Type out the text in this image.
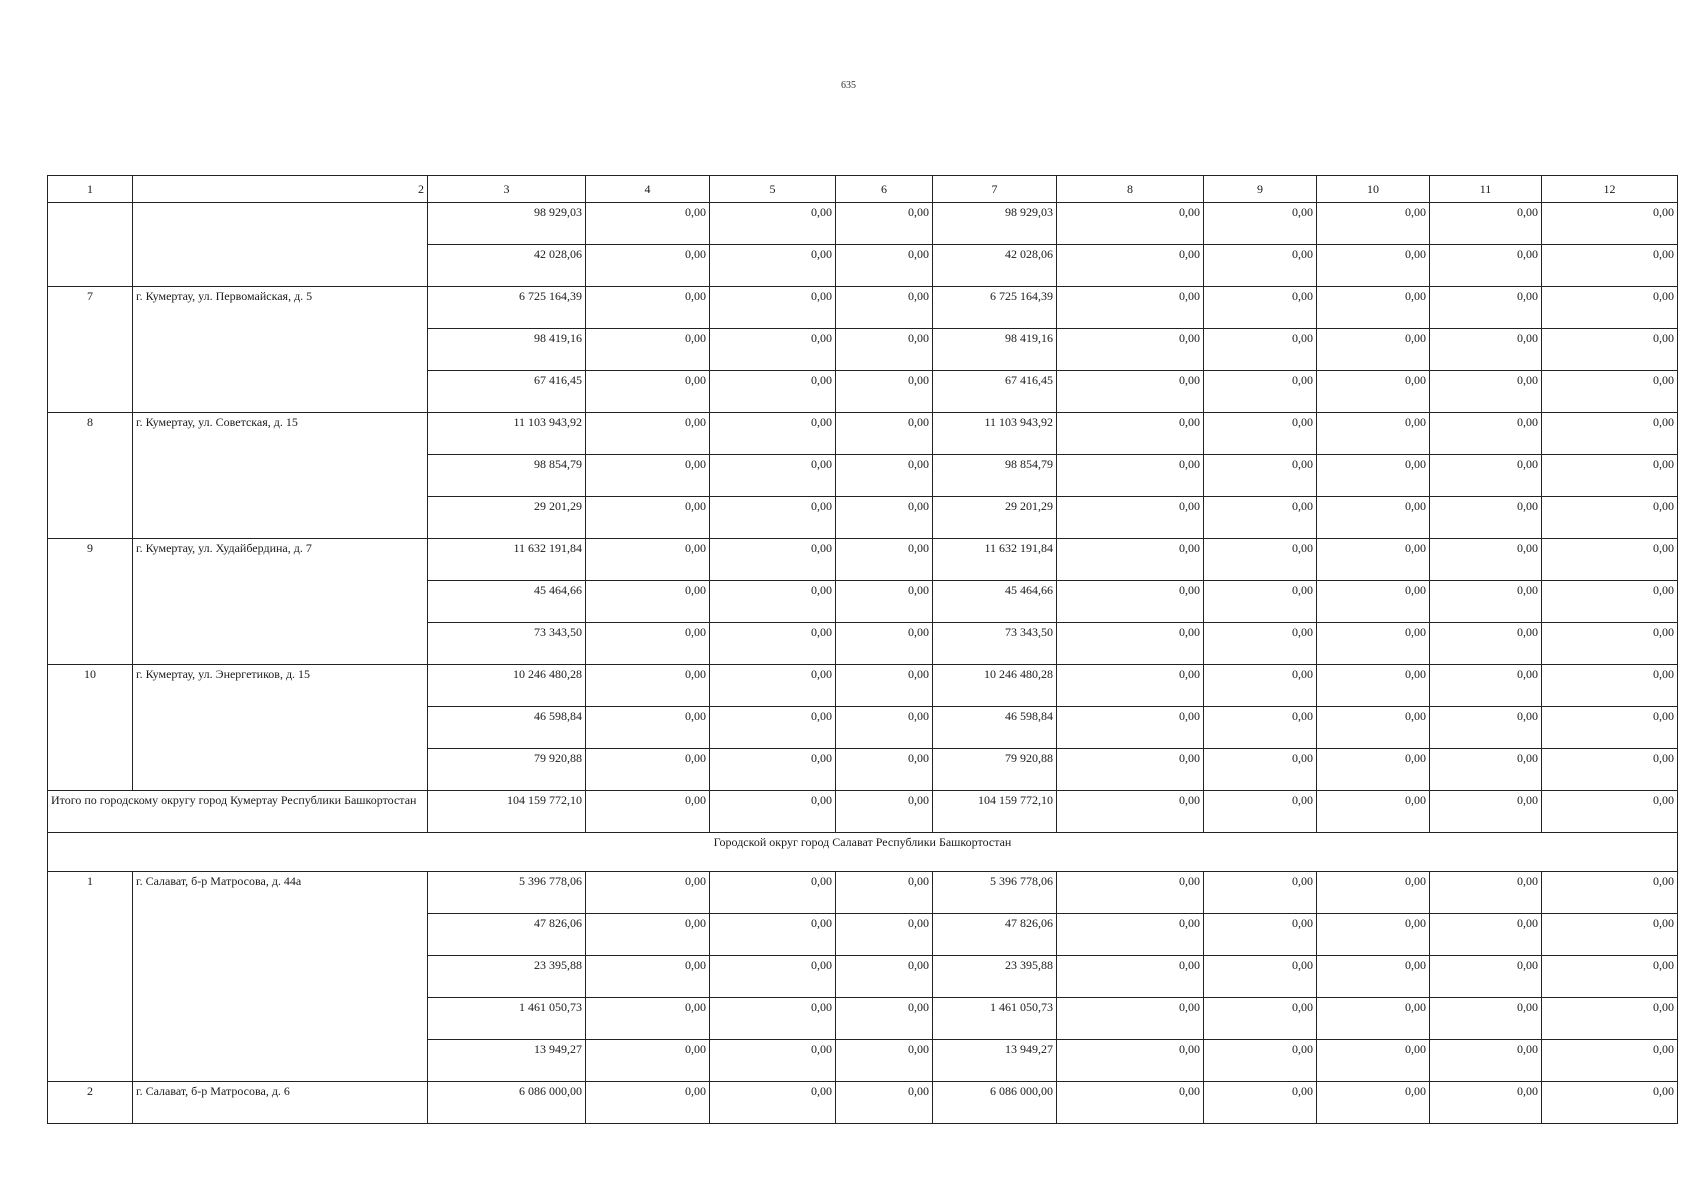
635
1	2	3	4	5	6	7	8	9	10	11	12
		98 929,03	0,00	0,00	0,00	98 929,03	0,00	0,00	0,00	0,00	0,00
		42 028,06	0,00	0,00	0,00	42 028,06	0,00	0,00	0,00	0,00	0,00
7	г. Кумертау, ул. Первомайская, д. 5	6 725 164,39	0,00	0,00	0,00	6 725 164,39	0,00	0,00	0,00	0,00	0,00
		98 419,16	0,00	0,00	0,00	98 419,16	0,00	0,00	0,00	0,00	0,00
		67 416,45	0,00	0,00	0,00	67 416,45	0,00	0,00	0,00	0,00	0,00
8	г. Кумертау, ул. Советская, д. 15	11 103 943,92	0,00	0,00	0,00	11 103 943,92	0,00	0,00	0,00	0,00	0,00
		98 854,79	0,00	0,00	0,00	98 854,79	0,00	0,00	0,00	0,00	0,00
		29 201,29	0,00	0,00	0,00	29 201,29	0,00	0,00	0,00	0,00	0,00
9	г. Кумертау, ул. Худайбердина, д. 7	11 632 191,84	0,00	0,00	0,00	11 632 191,84	0,00	0,00	0,00	0,00	0,00
		45 464,66	0,00	0,00	0,00	45 464,66	0,00	0,00	0,00	0,00	0,00
		73 343,50	0,00	0,00	0,00	73 343,50	0,00	0,00	0,00	0,00	0,00
10	г. Кумертау, ул. Энергетиков, д. 15	10 246 480,28	0,00	0,00	0,00	10 246 480,28	0,00	0,00	0,00	0,00	0,00
		46 598,84	0,00	0,00	0,00	46 598,84	0,00	0,00	0,00	0,00	0,00
		79 920,88	0,00	0,00	0,00	79 920,88	0,00	0,00	0,00	0,00	0,00
Итого по городскому округу город Кумертау Республики Башкортостан		104 159 772,10	0,00	0,00	0,00	104 159 772,10	0,00	0,00	0,00	0,00	0,00
Городской округ город Салават Республики Башкортостан											
1	г. Салават, б-р Матросова, д. 44а	5 396 778,06	0,00	0,00	0,00	5 396 778,06	0,00	0,00	0,00	0,00	0,00
		47 826,06	0,00	0,00	0,00	47 826,06	0,00	0,00	0,00	0,00	0,00
		23 395,88	0,00	0,00	0,00	23 395,88	0,00	0,00	0,00	0,00	0,00
		1 461 050,73	0,00	0,00	0,00	1 461 050,73	0,00	0,00	0,00	0,00	0,00
		13 949,27	0,00	0,00	0,00	13 949,27	0,00	0,00	0,00	0,00	0,00
2	г. Салават, б-р Матросова, д. 6	6 086 000,00	0,00	0,00	0,00	6 086 000,00	0,00	0,00	0,00	0,00	0,00
